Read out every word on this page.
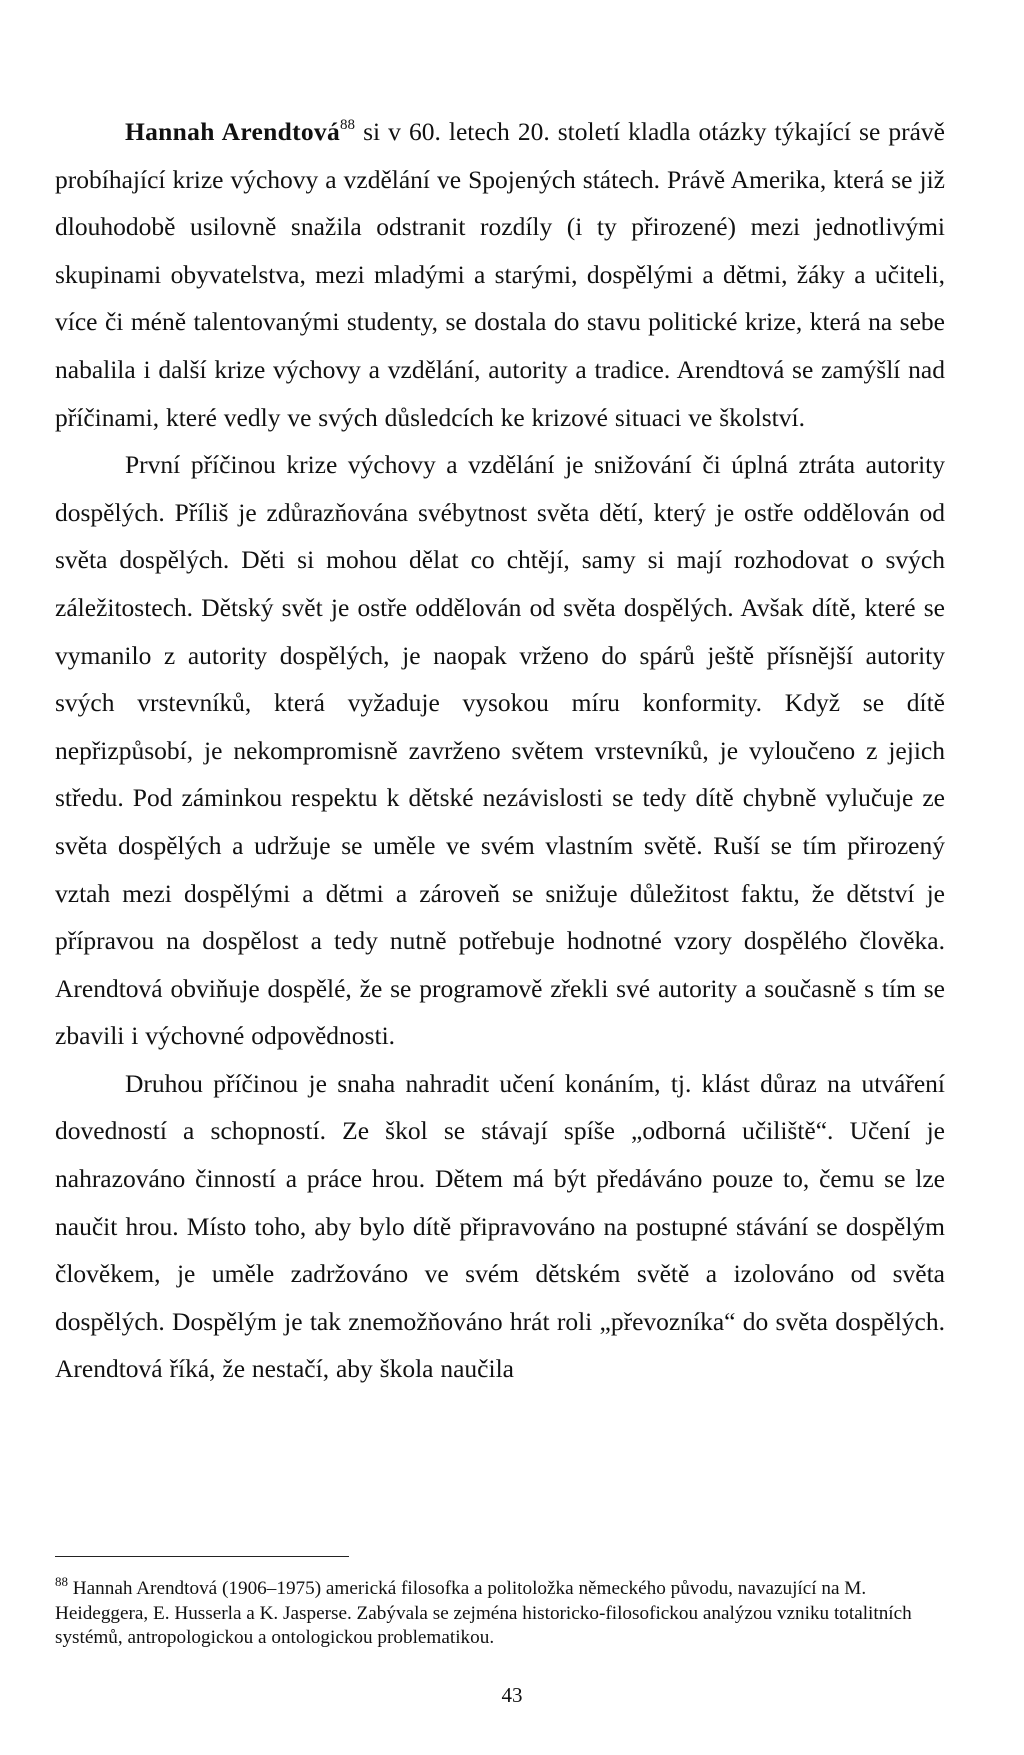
Hannah Arendtová$^{88}$ si v 60. letech 20. století kladla otázky týkající se právě probíhající krize výchovy a vzdělání ve Spojených státech. Právě Amerika, která se již dlouhodobě usilovně snažila odstranit rozdíly (i ty přirozené) mezi jednotlivými skupinami obyvatelstva, mezi mladými a starými, dospělými a dětmi, žáky a učiteli, více či méně talentovanými studenty, se dostala do stavu politické krize, která na sebe nabalila i další krize výchovy a vzdělání, autority a tradice. Arendtová se zamýšlí nad příčinami, které vedly ve svých důsledcích ke krizové situaci ve školství.

První příčinou krize výchovy a vzdělání je snižování či úplná ztráta autority dospělých. Příliš je zdůrazňována svébytnost světa dětí, který je ostře oddělován od světa dospělých. Děti si mohou dělat co chtějí, samy si mají rozhodovat o svých záležitostech. Dětský svět je ostře oddělován od světa dospělých. Avšak dítě, které se vymanilo z autority dospělých, je naopak vrženo do spárů ještě přísnější autority svých vrstevníků, která vyžaduje vysokou míru konformity. Když se dítě nepřizpůsobí, je nekompromisně zavrženo světem vrstevníků, je vyloučeno z jejich středu. Pod záminkou respektu k dětské nezávislosti se tedy dítě chybně vylučuje ze světa dospělých a udržuje se uměle ve svém vlastním světě. Ruší se tím přirozený vztah mezi dospělými a dětmi a zároveň se snižuje důležitost faktu, že dětství je přípravou na dospělost a tedy nutně potřebuje hodnotné vzory dospělého člověka. Arendtová obviňuje dospělé, že se programově zřekli své autority a současně s tím se zbavili i výchovné odpovědnosti.

Druhou příčinou je snaha nahradit učení konáním, tj. klást důraz na utváření dovedností a schopností. Ze škol se stávají spíše „odborná učiliště“. Učení je nahrazováno činností a práce hrou. Dětem má být předáváno pouze to, čemu se lze naučit hrou. Místo toho, aby bylo dítě připravováno na postupné stávání se dospělým člověkem, je uměle zadržováno ve svém dětském světě a izolováno od světa dospělých. Dospělým je tak znemožňováno hrát roli „převozníka“ do světa dospělých. Arendtová říká, že nestačí, aby škola naučila

$^{88}$ Hannah Arendtová (1906–1975) americká filosofka a politoložka německého původu, navazující na M. Heideggera, E. Husserla a K. Jasperse. Zabývala se zejména historicko-filosofickou analýzou vzniku totalitních systémů, antropologickou a ontologickou problematikou.

43
